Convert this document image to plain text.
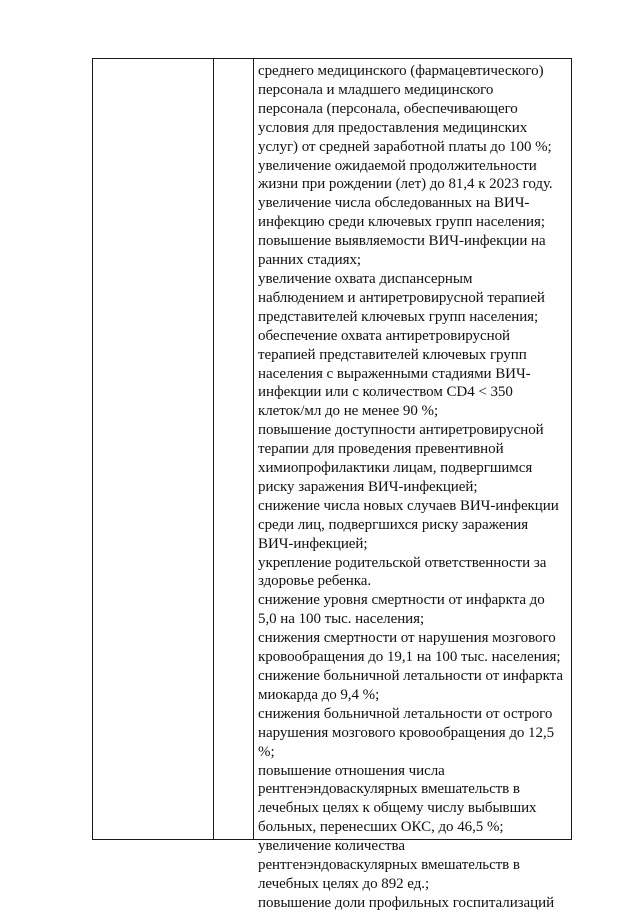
среднего медицинского (фармацевтического)
персонала и младшего медицинского
персонала (персонала, обеспечивающего
условия для предоставления медицинских
услуг) от средней заработной платы до 100 %;
увеличение ожидаемой продолжительности
жизни при рождении (лет) до 81,4 к 2023 году.
увеличение числа обследованных на ВИЧ-
инфекцию среди ключевых групп населения;
повышение выявляемости ВИЧ-инфекции на
ранних стадиях;
увеличение охвата диспансерным
наблюдением и антиретровирусной терапией
представителей ключевых групп населения;
обеспечение охвата антиретровирусной
терапией представителей ключевых групп
населения с выраженными стадиями ВИЧ-
инфекции или с количеством CD4 < 350
клеток/мл до не менее 90 %;
повышение доступности антиретровирусной
терапии для проведения превентивной
химиопрофилактики лицам, подвергшимся
риску заражения ВИЧ-инфекцией;
снижение числа новых случаев ВИЧ-инфекции
среди лиц, подвергшихся риску заражения
ВИЧ-инфекцией;
укрепление родительской ответственности за
здоровье ребенка.
снижение уровня смертности от инфаркта до
5,0 на 100 тыс. населения;
снижения смертности от нарушения мозгового
кровообращения до 19,1 на 100 тыс. населения;
снижение больничной летальности от инфаркта
миокарда до 9,4 %;
снижения больничной летальности от острого
нарушения мозгового кровообращения до 12,5
%;
повышение отношения числа
рентгенэндоваскулярных вмешательств в
лечебных целях к общему числу выбывших
больных, перенесших ОКС, до 46,5 %;
увеличение количества
рентгенэндоваскулярных вмешательств в
лечебных целях до 892 ед.;
повышение доли профильных госпитализаций
